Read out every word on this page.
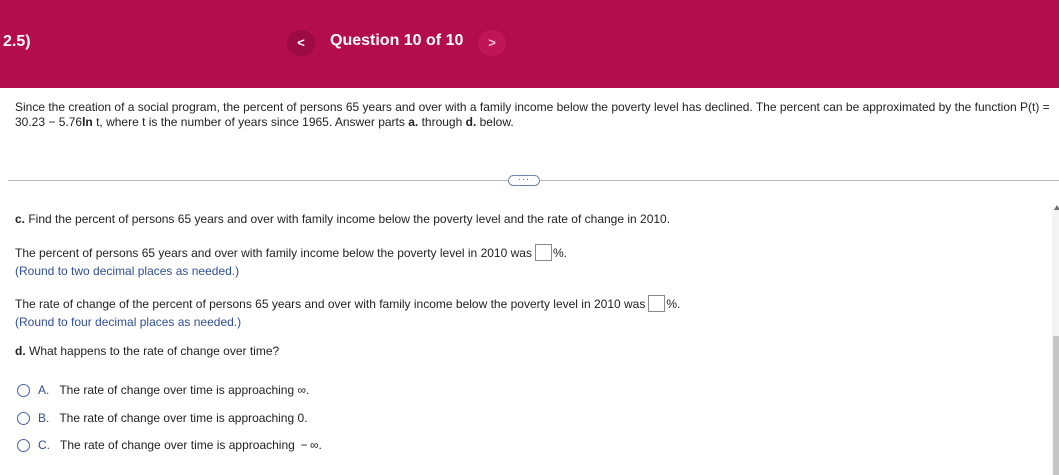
2.5)	<	Question 10 of 10	>
Since the creation of a social program, the percent of persons 65 years and over with a family income below the poverty level has declined. The percent can be approximated by the function P(t) = 30.23 − 5.76ln t, where t is the number of years since 1965. Answer parts a. through d. below.
···
c. Find the percent of persons 65 years and over with family income below the poverty level and the rate of change in 2010.
The percent of persons 65 years and over with family income below the poverty level in 2010 was %.
(Round to two decimal places as needed.)
The rate of change of the percent of persons 65 years and over with family income below the poverty level in 2010 was %.
(Round to four decimal places as needed.)
d. What happens to the rate of change over time?
A. The rate of change over time is approaching ∞.
B. The rate of change over time is approaching 0.
C. The rate of change over time is approaching  − ∞.
